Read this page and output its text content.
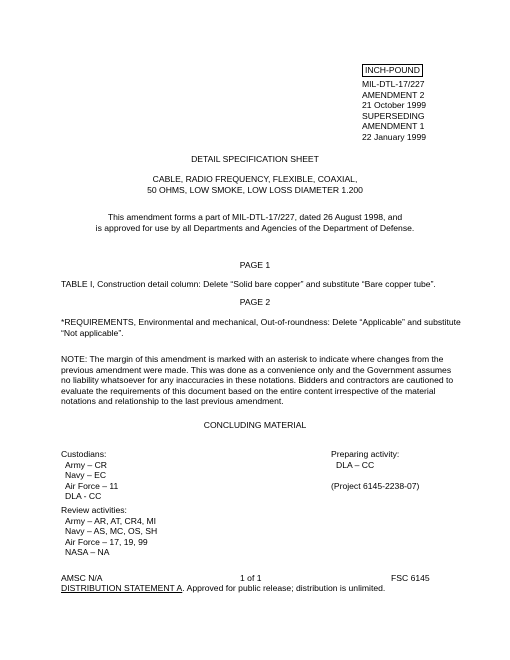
INCH-POUND
MIL-DTL-17/227
AMENDMENT 2
21 October 1999
SUPERSEDING
AMENDMENT 1
22 January 1999
DETAIL SPECIFICATION SHEET
CABLE, RADIO FREQUENCY, FLEXIBLE, COAXIAL,
50 OHMS, LOW SMOKE, LOW LOSS DIAMETER 1.200
This amendment forms a part of MIL-DTL-17/227, dated 26 August 1998, and
is approved for use by all Departments and Agencies of the Department of Defense.
PAGE 1
TABLE I, Construction detail column: Delete “Solid bare copper” and substitute “Bare copper tube”.
PAGE 2
*REQUIREMENTS, Environmental and mechanical, Out-of-roundness: Delete “Applicable” and substitute
“Not applicable”.
NOTE: The margin of this amendment is marked with an asterisk to indicate where changes from the
previous amendment were made. This was done as a convenience only and the Government assumes
no liability whatsoever for any inaccuracies in these notations. Bidders and contractors are cautioned to
evaluate the requirements of this document based on the entire content irrespective of the material
notations and relationship to the last previous amendment.
CONCLUDING MATERIAL
Custodians:
Army – CR
Navy – EC
Air Force – 11
DLA - CC
Preparing activity:
DLA – CC

(Project 6145-2238-07)
Review activities:
Army – AR, AT, CR4, MI
Navy – AS, MC, OS, SH
Air Force – 17, 19, 99
NASA – NA
AMSC N/A	1 of 1	FSC 6145
DISTRIBUTION STATEMENT A. Approved for public release; distribution is unlimited.
